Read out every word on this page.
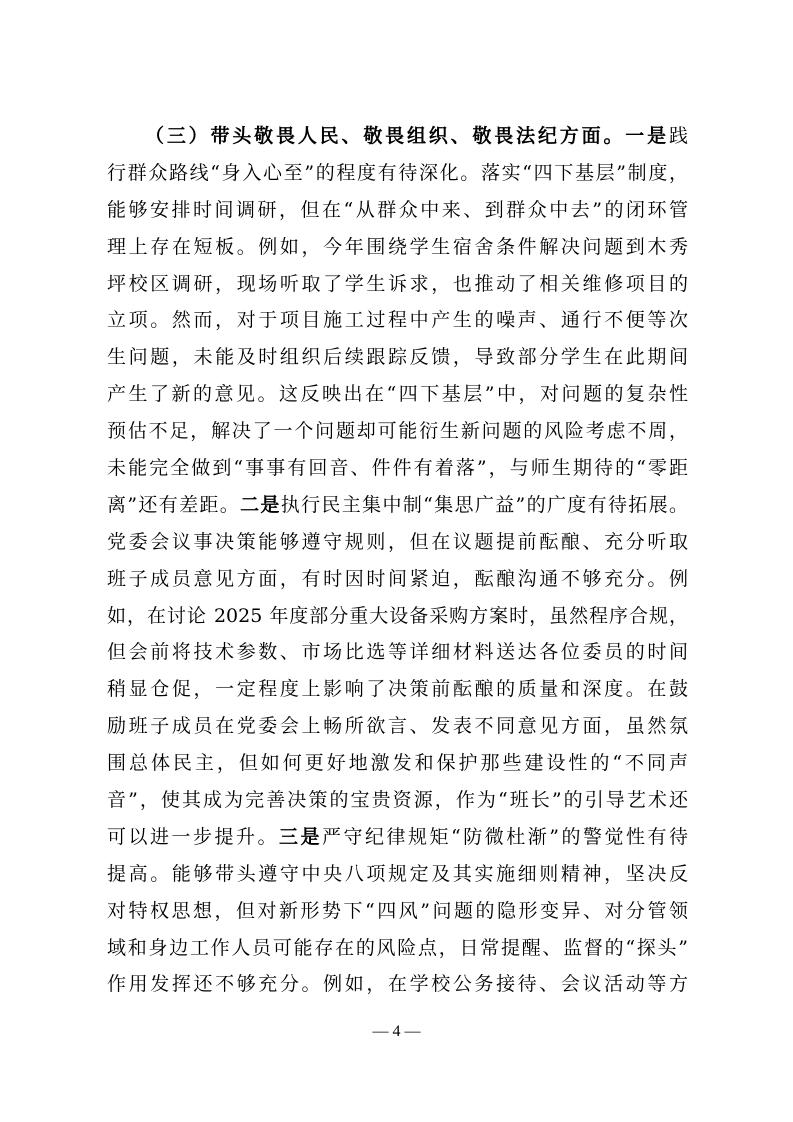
（三）带头敬畏人民、敬畏组织、敬畏法纪方面。一是践
行群众路线“身入心至”的程度有待深化。落实“四下基层”制度，
能够安排时间调研，但在“从群众中来、到群众中去”的闭环管
理上存在短板。例如，今年围绕学生宿舍条件解决问题到木秀
坪校区调研，现场听取了学生诉求，也推动了相关维修项目的
立项。然而，对于项目施工过程中产生的噪声、通行不便等次
生问题，未能及时组织后续跟踪反馈，导致部分学生在此期间
产生了新的意见。这反映出在“四下基层”中，对问题的复杂性
预估不足，解决了一个问题却可能衍生新问题的风险考虑不周，
未能完全做到“事事有回音、件件有着落”，与师生期待的“零距
离”还有差距。二是执行民主集中制“集思广益”的广度有待拓展。
党委会议事决策能够遵守规则，但在议题提前酝酿、充分听取
班子成员意见方面，有时因时间紧迫，酝酿沟通不够充分。例
如，在讨论 2025 年度部分重大设备采购方案时，虽然程序合规，
但会前将技术参数、市场比选等详细材料送达各位委员的时间
稍显仓促，一定程度上影响了决策前酝酿的质量和深度。在鼓
励班子成员在党委会上畅所欲言、发表不同意见方面，虽然氛
围总体民主，但如何更好地激发和保护那些建设性的“不同声
音”，使其成为完善决策的宝贵资源，作为“班长”的引导艺术还
可以进一步提升。三是严守纪律规矩“防微杜渐”的警觉性有待
提高。能够带头遵守中央八项规定及其实施细则精神，坚决反
对特权思想，但对新形势下“四风”问题的隐形变异、对分管领
域和身边工作人员可能存在的风险点，日常提醒、监督的“探头”
作用发挥还不够充分。例如，在学校公务接待、会议活动等方
— 4 —
